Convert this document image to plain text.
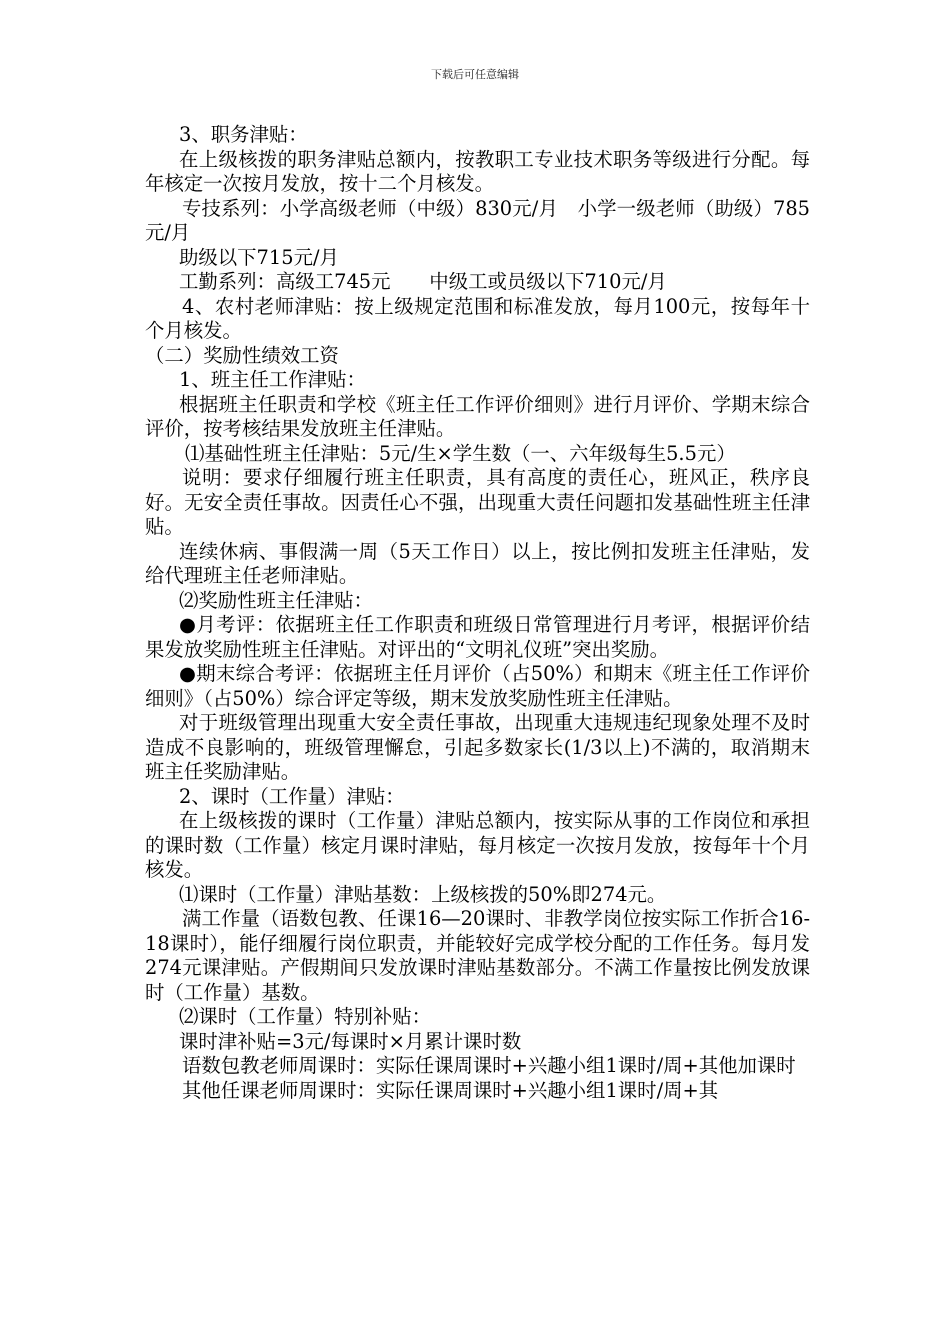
下载后可任意编辑

3、职务津贴：

在上级核拨的职务津贴总额内，按教职工专业技术职务等级进行分配。每年核定一次按月发放，按十二个月核发。

专技系列：小学高级老师（中级）830元/月　小学一级老师（助级）785元/月

助级以下715元/月

工勤系列：高级工745元　　中级工或员级以下710元/月

4、农村老师津贴：按上级规定范围和标准发放，每月100元，按每年十个月核发。

（二）奖励性绩效工资

1、班主任工作津贴：

根据班主任职责和学校《班主任工作评价细则》进行月评价、学期末综合评价，按考核结果发放班主任津贴。

⑴基础性班主任津贴：5元/生×学生数（一、六年级每生5.5元）

说明：要求仔细履行班主任职责，具有高度的责任心，班风正，秩序良好。无安全责任事故。因责任心不强，出现重大责任问题扣发基础性班主任津贴。

连续休病、事假满一周（5天工作日）以上，按比例扣发班主任津贴，发给代理班主任老师津贴。

⑵奖励性班主任津贴：

●月考评：依据班主任工作职责和班级日常管理进行月考评，根据评价结果发放奖励性班主任津贴。对评出的“文明礼仪班”突出奖励。

●期末综合考评：依据班主任月评价（占50%）和期末《班主任工作评价细则》（占50%）综合评定等级，期末发放奖励性班主任津贴。

对于班级管理出现重大安全责任事故，出现重大违规违纪现象处理不及时造成不良影响的，班级管理懈怠，引起多数家长(1/3以上)不满的，取消期末班主任奖励津贴。

2、课时（工作量）津贴：

在上级核拨的课时（工作量）津贴总额内，按实际从事的工作岗位和承担的课时数（工作量）核定月课时津贴，每月核定一次按月发放，按每年十个月核发。

⑴课时（工作量）津贴基数：上级核拨的50%即274元。

满工作量（语数包教、任课16—20课时、非教学岗位按实际工作折合16-18课时），能仔细履行岗位职责，并能较好完成学校分配的工作任务。每月发274元课津贴。产假期间只发放课时津贴基数部分。不满工作量按比例发放课时（工作量）基数。

⑵课时（工作量）特别补贴：

课时津补贴=3元/每课时×月累计课时数

语数包教老师周课时：实际任课周课时+兴趣小组1课时/周+其他加课时

其他任课老师周课时：实际任课周课时+兴趣小组1课时/周+其
